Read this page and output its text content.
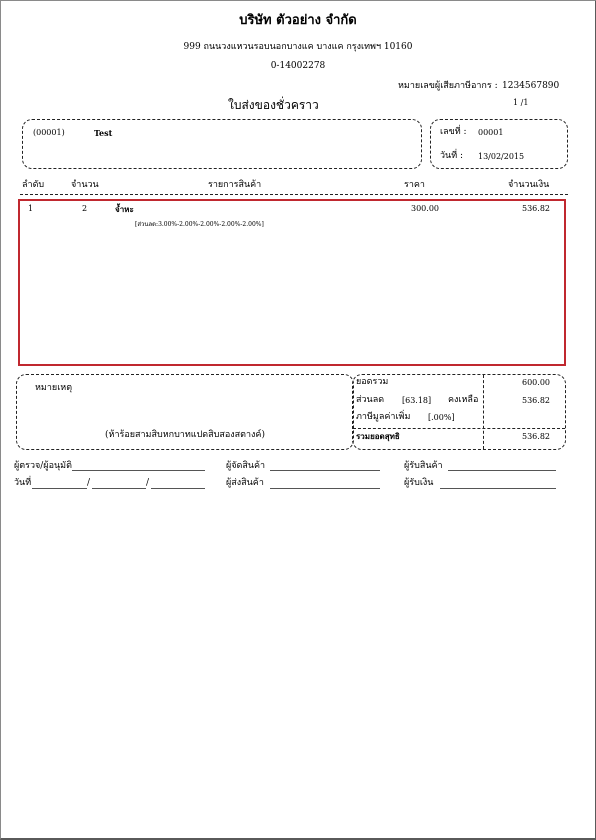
บริษัท ตัวอย่าง จำกัด
999 ถนนวงแหวนรอบนอกบางแค บางแค กรุงเทพฯ 10160
0-14002278
หมายเลขผู้เสียภาษีอากร : 1234567890
ใบส่งของชั่วคราว	1 /1
(00001)	Test	เลขที่ : 00001
วันที่ : 13/02/2015
ลำดับ	จำนวน	รายการสินค้า	ราคา	จำนวนเงิน
1	2	จ้ำหะ	300.00	536.82
[ส่วนลด:3.00%-2.00%-2.00%-2.00%-2.00%]
หมายเหตุ
(ห้าร้อยสามสิบหกบาทแปดสิบสองสตางค์)
ยอดรวม	600.00
ส่วนลด [63.18] คงเหลือ	536.82
ภาษีมูลค่าเพิ่ม [.00%]
รวมยอดสุทธิ	536.82
ผู้ตรวจ/ผู้อนุมัติ	ผู้จัดสินค้า	ผู้รับสินค้า
วันที่	/	/	ผู้ส่งสินค้า	ผู้รับเงิน
